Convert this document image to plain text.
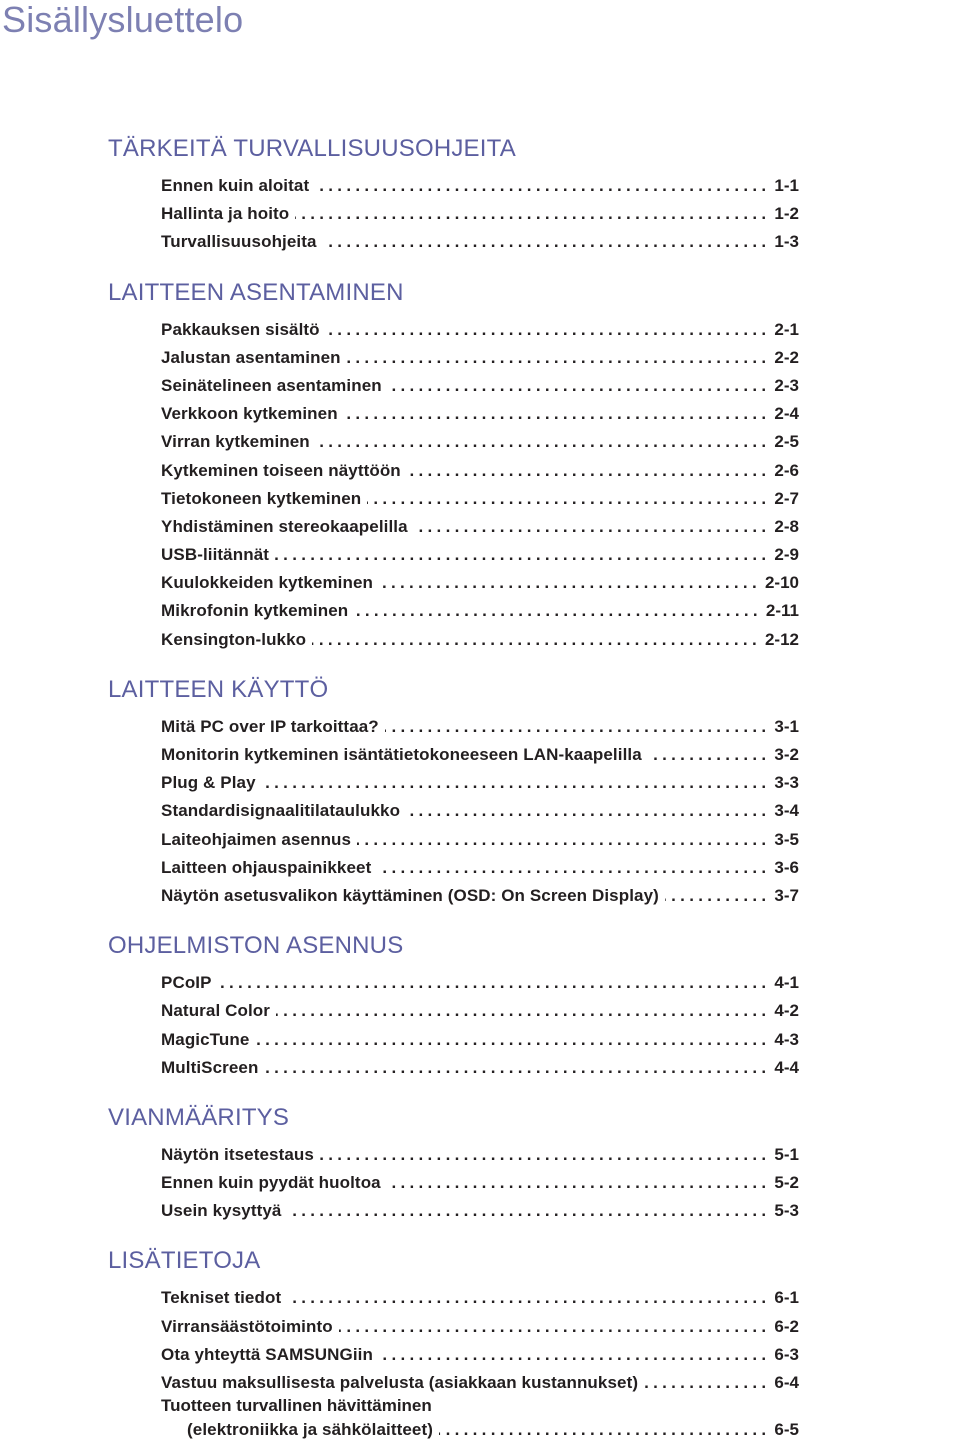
Sisällysluettelo
TÄRKEITÄ TURVALLISUUSOHJEITA
Ennen kuin aloitat .....	1-1
Hallinta ja hoito .....	1-2
Turvallisuusohjeita .....	1-3
LAITTEEN ASENTAMINEN
Pakkauksen sisältö .....	2-1
Jalustan asentaminen .....	2-2
Seinätelineen asentaminen .....	2-3
Verkkoon kytkeminen .....	2-4
Virran kytkeminen .....	2-5
Kytkeminen toiseen näyttöön .....	2-6
Tietokoneen kytkeminen .....	2-7
Yhdistäminen stereokaapelilla .....	2-8
USB-liitännät .....	2-9
Kuulokkeiden kytkeminen .....	2-10
Mikrofonin kytkeminen .....	2-11
Kensington-lukko .....	2-12
LAITTEEN KÄYTTÖ
Mitä PC over IP tarkoittaa? .....	3-1
Monitorin kytkeminen isäntätietokoneeseen LAN-kaapelilla .....	3-2
Plug & Play .....	3-3
Standardisignaalitilataulukko .....	3-4
Laiteohjaimen asennus .....	3-5
Laitteen ohjauspainikkeet .....	3-6
Näytön asetusvalikon käyttäminen (OSD: On Screen Display) .....	3-7
OHJELMISTON ASENNUS
PCoIP .....	4-1
Natural Color .....	4-2
MagicTune .....	4-3
MultiScreen .....	4-4
VIANMÄÄRITYS
Näytön itsetestaus .....	5-1
Ennen kuin pyydät huoltoa .....	5-2
Usein kysyttyä .....	5-3
LISÄTIETOJA
Tekniset tiedot .....	6-1
Virransäästötoiminto .....	6-2
Ota yhteyttä SAMSUNGiin .....	6-3
Vastuu maksullisesta palvelusta (asiakkaan kustannukset) .....	6-4
Tuotteen turvallinen hävittäminen
(elektroniikka ja sähkölaitteet) .....	6-5
